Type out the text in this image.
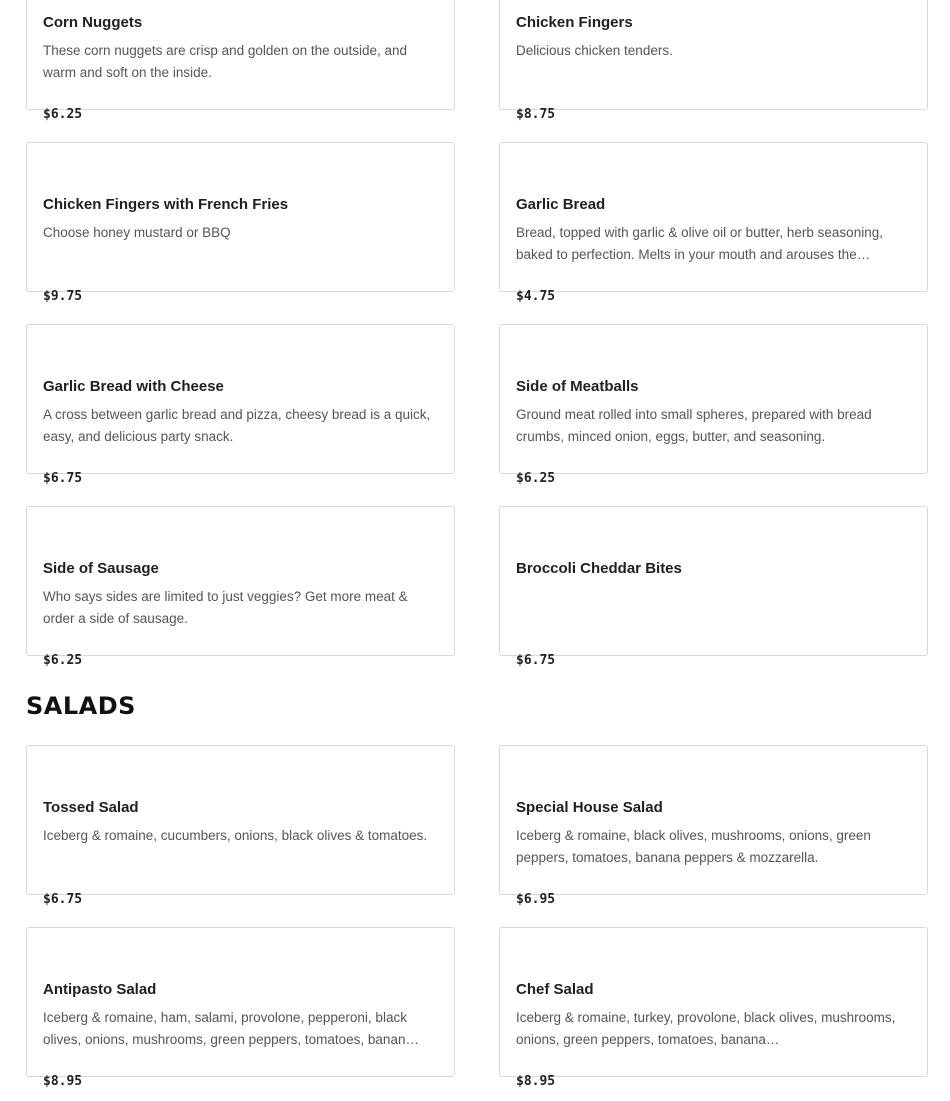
Corn Nuggets
These corn nuggets are crisp and golden on the outside, and warm and soft on the inside.
$6.25
Chicken Fingers
Delicious chicken tenders.
$8.75
Chicken Fingers with French Fries
Choose honey mustard or BBQ
$9.75
Garlic Bread
Bread, topped with garlic & olive oil or butter, herb seasoning, baked to perfection. Melts in your mouth and arouses the…
$4.75
Garlic Bread with Cheese
A cross between garlic bread and pizza, cheesy bread is a quick, easy, and delicious party snack.
$6.75
Side of Meatballs
Ground meat rolled into small spheres, prepared with bread crumbs, minced onion, eggs, butter, and seasoning.
$6.25
Side of Sausage
Who says sides are limited to just veggies? Get more meat & order a side of sausage.
$6.25
Broccoli Cheddar Bites
$6.75
SALADS
Tossed Salad
Iceberg & romaine, cucumbers, onions, black olives & tomatoes.
$6.75
Special House Salad
Iceberg & romaine, black olives, mushrooms, onions, green peppers, tomatoes, banana peppers & mozzarella.
$6.95
Antipasto Salad
Iceberg & romaine, ham, salami, provolone, pepperoni, black olives, onions, mushrooms, green peppers, tomatoes, banan…
$8.95
Chef Salad
Iceberg & romaine, turkey, provolone, black olives, mushrooms, onions, green peppers, tomatoes, banana…
$8.95
